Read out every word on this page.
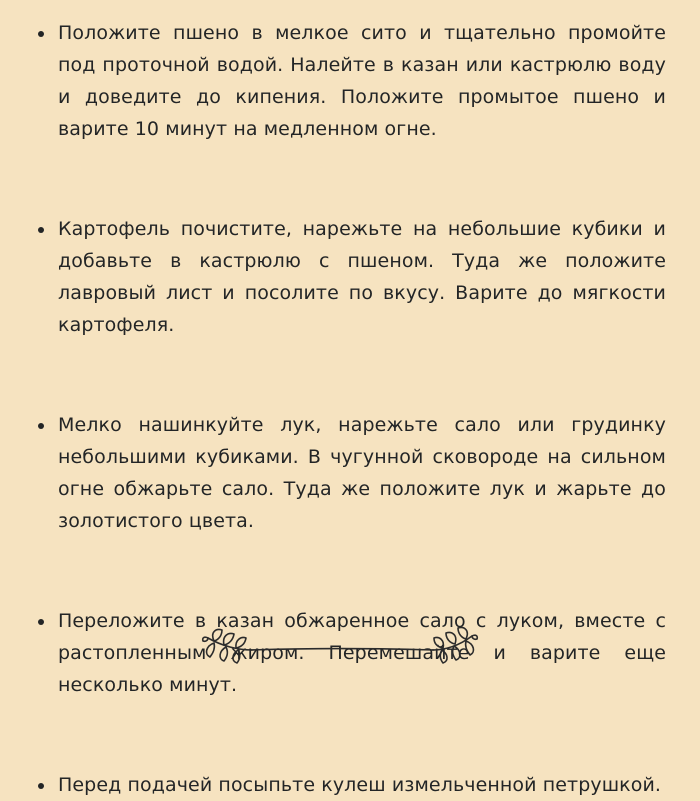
Положите пшено в мелкое сито и тщательно промойте под проточной водой. Налейте в казан или кастрюлю воду и доведите до кипения. Положите промытое пшено и варите 10 минут на медленном огне.
Картофель почистите, нарежьте на небольшие кубики и добавьте в кастрюлю с пшеном. Туда же положите лавровый лист и посолите по вкусу. Варите до мягкости картофеля.
Мелко нашинкуйте лук, нарежьте сало или грудинку небольшими кубиками. В чугунной сковороде на сильном огне обжарьте сало. Туда же положите лук и жарьте до золотистого цвета.
Переложите в казан обжаренное сало с луком, вместе с растопленным жиром. Перемешайте и варите еще несколько минут.
Перед подачей посыпьте кулеш измельченной петрушкой.
